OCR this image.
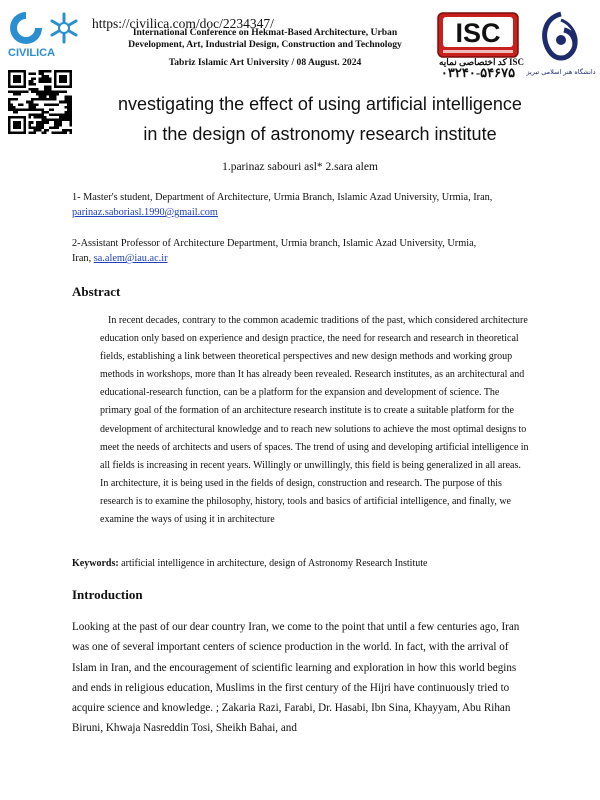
CIVILICA
https://civilica.com/doc/2234347/
International Conference on Hekmat-Based Architecture, Urban
Development, Art, Industrial Design, Construction and Technology
Tabriz Islamic Art University / 08 August. 2024
ISC
ISC کد اختصاصی نمایه
۰۳۲۴۰-۵۴۶۷۵	دانشگاه هنر اسلامی تبریز
nvestigating the effect of using artificial intelligence
in the design of astronomy research institute
1.parinaz sabouri asl* 2.sara alem
1- Master's student, Department of Architecture, Urmia Branch, Islamic Azad University, Urmia, Iran,
parinaz.saboriasl.1990@gmail.com
2-Assistant Professor of Architecture Department, Urmia branch, Islamic Azad University, Urmia,
Iran, sa.alem@iau.ac.ir
Abstract
In recent decades, contrary to the common academic traditions of the past, which considered architecture education only based on experience and design practice, the need for research and research in theoretical fields, establishing a link between theoretical perspectives and new design methods and working group methods in workshops, more than It has already been revealed. Research institutes, as an architectural and educational-research function, can be a platform for the expansion and development of science. The primary goal of the formation of an architecture research institute is to create a suitable platform for the development of architectural knowledge and to reach new solutions to achieve the most optimal designs to meet the needs of architects and users of spaces. The trend of using and developing artificial intelligence in all fields is increasing in recent years. Willingly or unwillingly, this field is being generalized in all areas. In architecture, it is being used in the fields of design, construction and research. The purpose of this research is to examine the philosophy, history, tools and basics of artificial intelligence, and finally, we examine the ways of using it in architecture
Keywords: artificial intelligence in architecture, design of Astronomy Research Institute
Introduction
Looking at the past of our dear country Iran, we come to the point that until a few centuries ago, Iran was one of several important centers of science production in the world. In fact, with the arrival of Islam in Iran, and the encouragement of scientific learning and exploration in how this world begins and ends in religious education, Muslims in the first century of the Hijri have continuously tried to acquire science and knowledge. ; Zakaria Razi, Farabi, Dr. Hasabi, Ibn Sina, Khayyam, Abu Rihan Biruni, Khwaja Nasreddin Tosi, Sheikh Bahai, and
